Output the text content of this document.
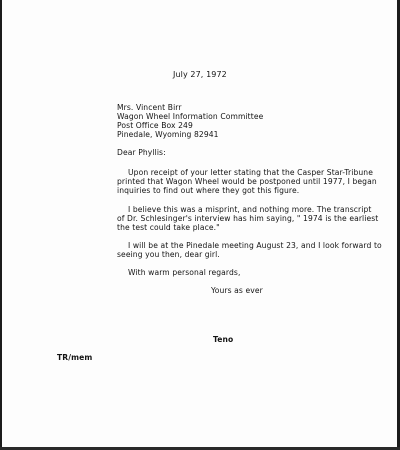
July 27, 1972
Mrs. Vincent Birr
Wagon Wheel Information Committee
Post Office Box 249
Pinedale, Wyoming 82941
Dear Phyllis:
Upon receipt of your letter stating that the Casper Star-Tribune
printed that Wagon Wheel would be postponed until 1977, I began
inquiries to find out where they got this figure.
I believe this was a misprint, and nothing more. The transcript
of Dr. Schlesinger's interview has him saying, " 1974 is the earliest
the test could take place."
I will be at the Pinedale meeting August 23, and I look forward to
seeing you then, dear girl.
With warm personal regards,
Yours as ever
Teno
TR/mem
